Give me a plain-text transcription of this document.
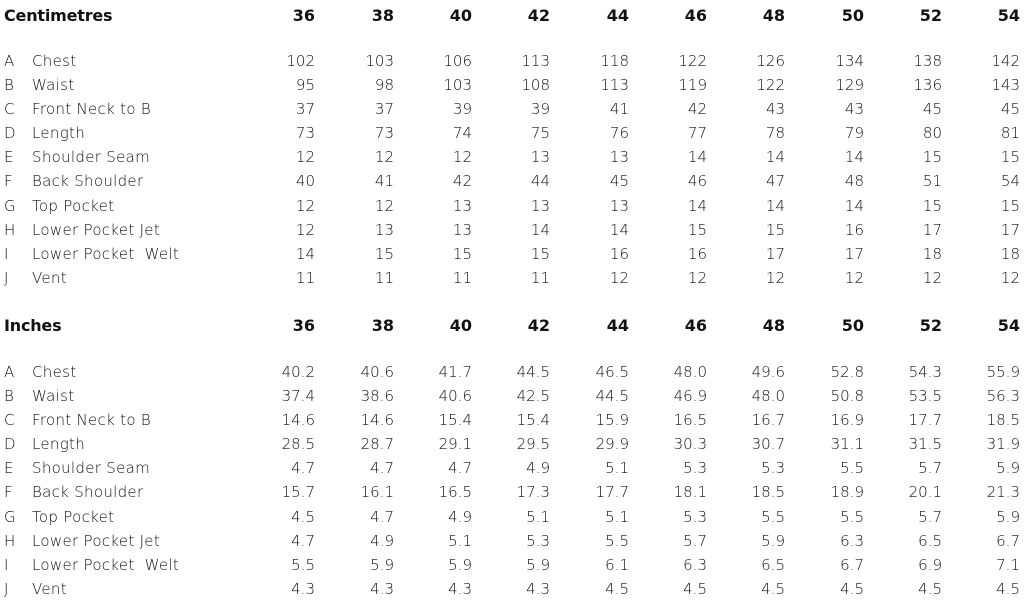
Centimetres	36	38	40	42	44	46	48	50	52	54
A Chest	102	103	106	113	118	122	126	134	138	142
B Waist	95	98	103	108	113	119	122	129	136	143
C Front Neck to B	37	37	39	39	41	42	43	43	45	45
D Length	73	73	74	75	76	77	78	79	80	81
E Shoulder Seam	12	12	12	13	13	14	14	14	15	15
F Back Shoulder	40	41	42	44	45	46	47	48	51	54
G Top Pocket	12	12	13	13	13	14	14	14	15	15
H Lower Pocket Jet	12	13	13	14	14	15	15	16	17	17
I Lower Pocket  Welt	14	15	15	15	16	16	17	17	18	18
J Vent	11	11	11	11	12	12	12	12	12	12
Inches	36	38	40	42	44	46	48	50	52	54
A Chest	40.2	40.6	41.7	44.5	46.5	48.0	49.6	52.8	54.3	55.9
B Waist	37.4	38.6	40.6	42.5	44.5	46.9	48.0	50.8	53.5	56.3
C Front Neck to B	14.6	14.6	15.4	15.4	15.9	16.5	16.7	16.9	17.7	18.5
D Length	28.5	28.7	29.1	29.5	29.9	30.3	30.7	31.1	31.5	31.9
E Shoulder Seam	4.7	4.7	4.7	4.9	5.1	5.3	5.3	5.5	5.7	5.9
F Back Shoulder	15.7	16.1	16.5	17.3	17.7	18.1	18.5	18.9	20.1	21.3
G Top Pocket	4.5	4.7	4.9	5.1	5.1	5.3	5.5	5.5	5.7	5.9
H Lower Pocket Jet	4.7	4.9	5.1	5.3	5.5	5.7	5.9	6.3	6.5	6.7
I Lower Pocket  Welt	5.5	5.9	5.9	5.9	6.1	6.3	6.5	6.7	6.9	7.1
J Vent	4.3	4.3	4.3	4.3	4.5	4.5	4.5	4.5	4.5	4.5
